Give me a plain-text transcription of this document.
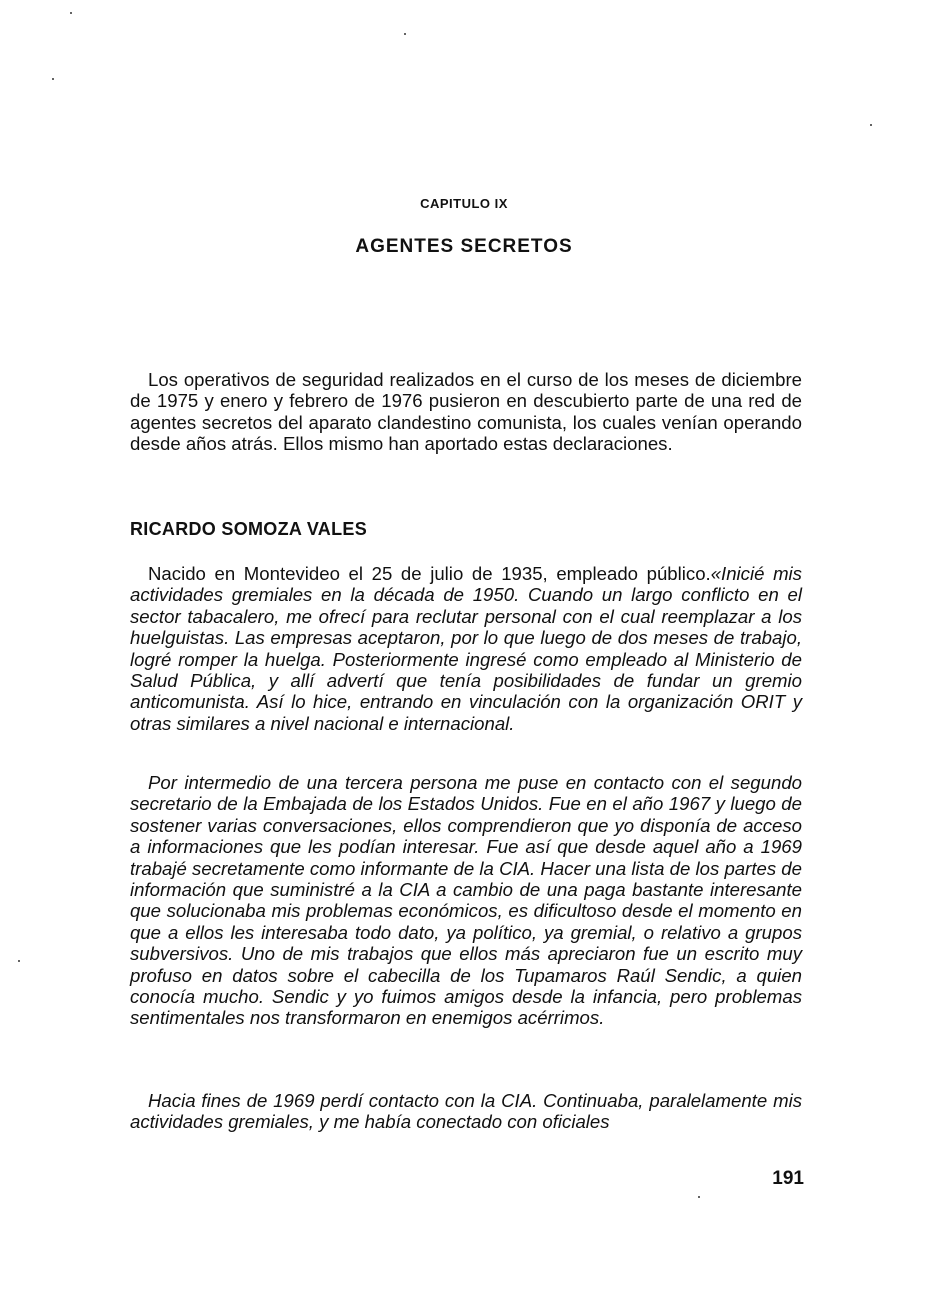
CAPITULO IX
AGENTES SECRETOS

Los operativos de seguridad realizados en el curso de los meses de diciembre de 1975 y enero y febrero de 1976 pusieron en descubierto parte de una red de agentes secretos del aparato clandestino comunista, los cuales venían operando desde años atrás. Ellos mismo han aportado estas declaraciones.

RICARDO SOMOZA VALES

Nacido en Montevideo el 25 de julio de 1935, empleado público.«Inicié mis actividades gremiales en la década de 1950. Cuando un largo conflicto en el sector tabacalero, me ofrecí para reclutar personal con el cual reemplazar a los huelguistas. Las empresas aceptaron, por lo que luego de dos meses de trabajo, logré romper la huelga. Posteriormente ingresé como empleado al Ministerio de Salud Pública, y allí advertí que tenía posibilidades de fundar un gremio anticomunista. Así lo hice, entrando en vinculación con la organización ORIT y otras similares a nivel nacional e internacional.

Por intermedio de una tercera persona me puse en contacto con el segundo secretario de la Embajada de los Estados Unidos. Fue en el año 1967 y luego de sostener varias conversaciones, ellos comprendieron que yo disponía de acceso a informaciones que les podían interesar. Fue así que desde aquel año a 1969 trabajé secretamente como informante de la CIA. Hacer una lista de los partes de información que suministré a la CIA a cambio de una paga bastante interesante que solucionaba mis problemas económicos, es dificultoso desde el momento en que a ellos les interesaba todo dato, ya político, ya gremial, o relativo a grupos subversivos. Uno de mis trabajos que ellos más apreciaron fue un escrito muy profuso en datos sobre el cabecilla de los Tupamaros Raúl Sendic, a quien conocía mucho. Sendic y yo fuimos amigos desde la infancia, pero problemas sentimentales nos transformaron en enemigos acérrimos.

Hacia fines de 1969 perdí contacto con la CIA. Continuaba, paralelamente mis actividades gremiales, y me había conectado con oficiales

191
